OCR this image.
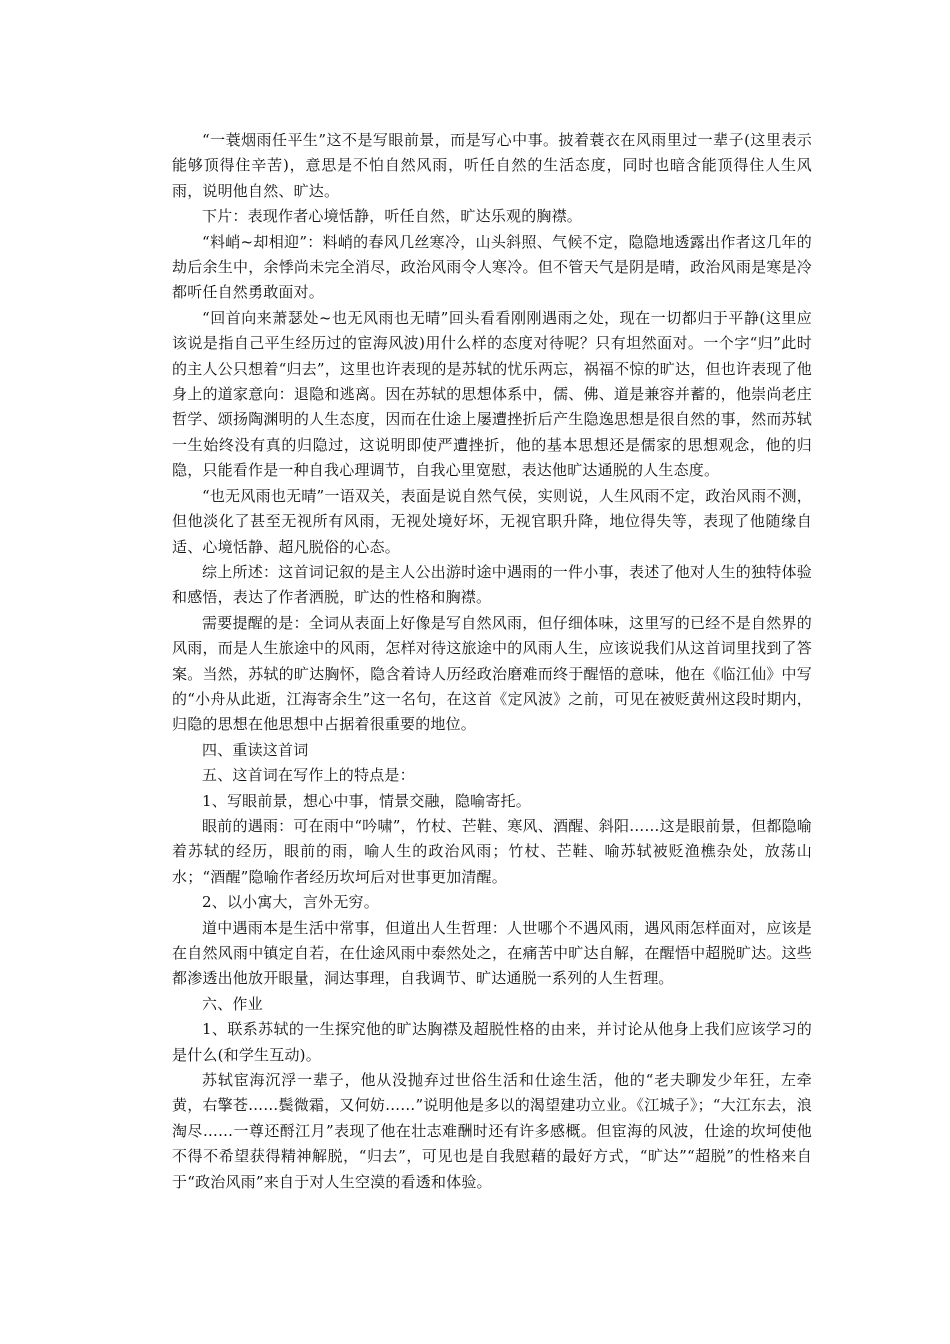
“一蓑烟雨任平生”这不是写眼前景，而是写心中事。披着蓑衣在风雨里过一辈子(这里表示能够顶得住辛苦)，意思是不怕自然风雨，听任自然的生活态度，同时也暗含能顶得住人生风雨，说明他自然、旷达。

下片：表现作者心境恬静，听任自然，旷达乐观的胸襟。

“料峭~却相迎”：料峭的春风几丝寒冷，山头斜照、气候不定，隐隐地透露出作者这几年的劫后余生中，余悸尚未完全消尽，政治风雨令人寒冷。但不管天气是阴是晴，政治风雨是寒是冷都听任自然勇敢面对。

“回首向来萧瑟处~也无风雨也无晴”回头看看刚刚遇雨之处，现在一切都归于平静(这里应该说是指自己平生经历过的宦海风波)用什么样的态度对待呢？只有坦然面对。一个字“归”此时的主人公只想着“归去”，这里也许表现的是苏轼的忧乐两忘，祸福不惊的旷达，但也许表现了他身上的道家意向：退隐和逃离。因在苏轼的思想体系中，儒、佛、道是兼容并蓄的，他崇尚老庄哲学、颂扬陶渊明的人生态度，因而在仕途上屡遭挫折后产生隐逸思想是很自然的事，然而苏轼一生始终没有真的归隐过，这说明即使严遭挫折，他的基本思想还是儒家的思想观念，他的归隐，只能看作是一种自我心理调节，自我心里宽慰，表达他旷达通脱的人生态度。

“也无风雨也无晴”一语双关，表面是说自然气侯，实则说，人生风雨不定，政治风雨不测，但他淡化了甚至无视所有风雨，无视处境好坏，无视官职升降，地位得失等，表现了他随缘自适、心境恬静、超凡脱俗的心态。

综上所述：这首词记叙的是主人公出游时途中遇雨的一件小事，表述了他对人生的独特体验和感悟，表达了作者洒脱，旷达的性格和胸襟。

需要提醒的是：全词从表面上好像是写自然风雨，但仔细体味，这里写的已经不是自然界的风雨，而是人生旅途中的风雨，怎样对待这旅途中的风雨人生，应该说我们从这首词里找到了答案。当然，苏轼的旷达胸怀，隐含着诗人历经政治磨难而终于醒悟的意味，他在《临江仙》中写的“小舟从此逝，江海寄余生”这一名句，在这首《定风波》之前，可见在被贬黄州这段时期内，归隐的思想在他思想中占据着很重要的地位。

四、重读这首词

五、这首词在写作上的特点是：

1、写眼前景，想心中事，情景交融，隐喻寄托。

眼前的遇雨：可在雨中“吟啸”，竹杖、芒鞋、寒风、酒醒、斜阳……这是眼前景，但都隐喻着苏轼的经历，眼前的雨，喻人生的政治风雨；竹杖、芒鞋、喻苏轼被贬渔樵杂处，放荡山水；“酒醒”隐喻作者经历坎坷后对世事更加清醒。

2、以小寓大，言外无穷。

道中遇雨本是生活中常事，但道出人生哲理：人世哪个不遇风雨，遇风雨怎样面对，应该是在自然风雨中镇定自若，在仕途风雨中泰然处之，在痛苦中旷达自解，在醒悟中超脱旷达。这些都渗透出他放开眼量，洞达事理，自我调节、旷达通脱一系列的人生哲理。

六、作业

1、联系苏轼的一生探究他的旷达胸襟及超脱性格的由来，并讨论从他身上我们应该学习的是什么(和学生互动)。

苏轼宦海沉浮一辈子，他从没抛弃过世俗生活和仕途生活，他的“老夫聊发少年狂，左牵黄，右擎苍……鬓微霜，又何妨……”说明他是多以的渴望建功立业。《江城子》；“大江东去，浪淘尽……一尊还酹江月”表现了他在壮志难酬时还有许多感概。但宦海的风波，仕途的坎坷使他不得不希望获得精神解脱，“归去”，可见也是自我慰藉的最好方式，“旷达”“超脱”的性格来自于“政治风雨”来自于对人生空漠的看透和体验。
